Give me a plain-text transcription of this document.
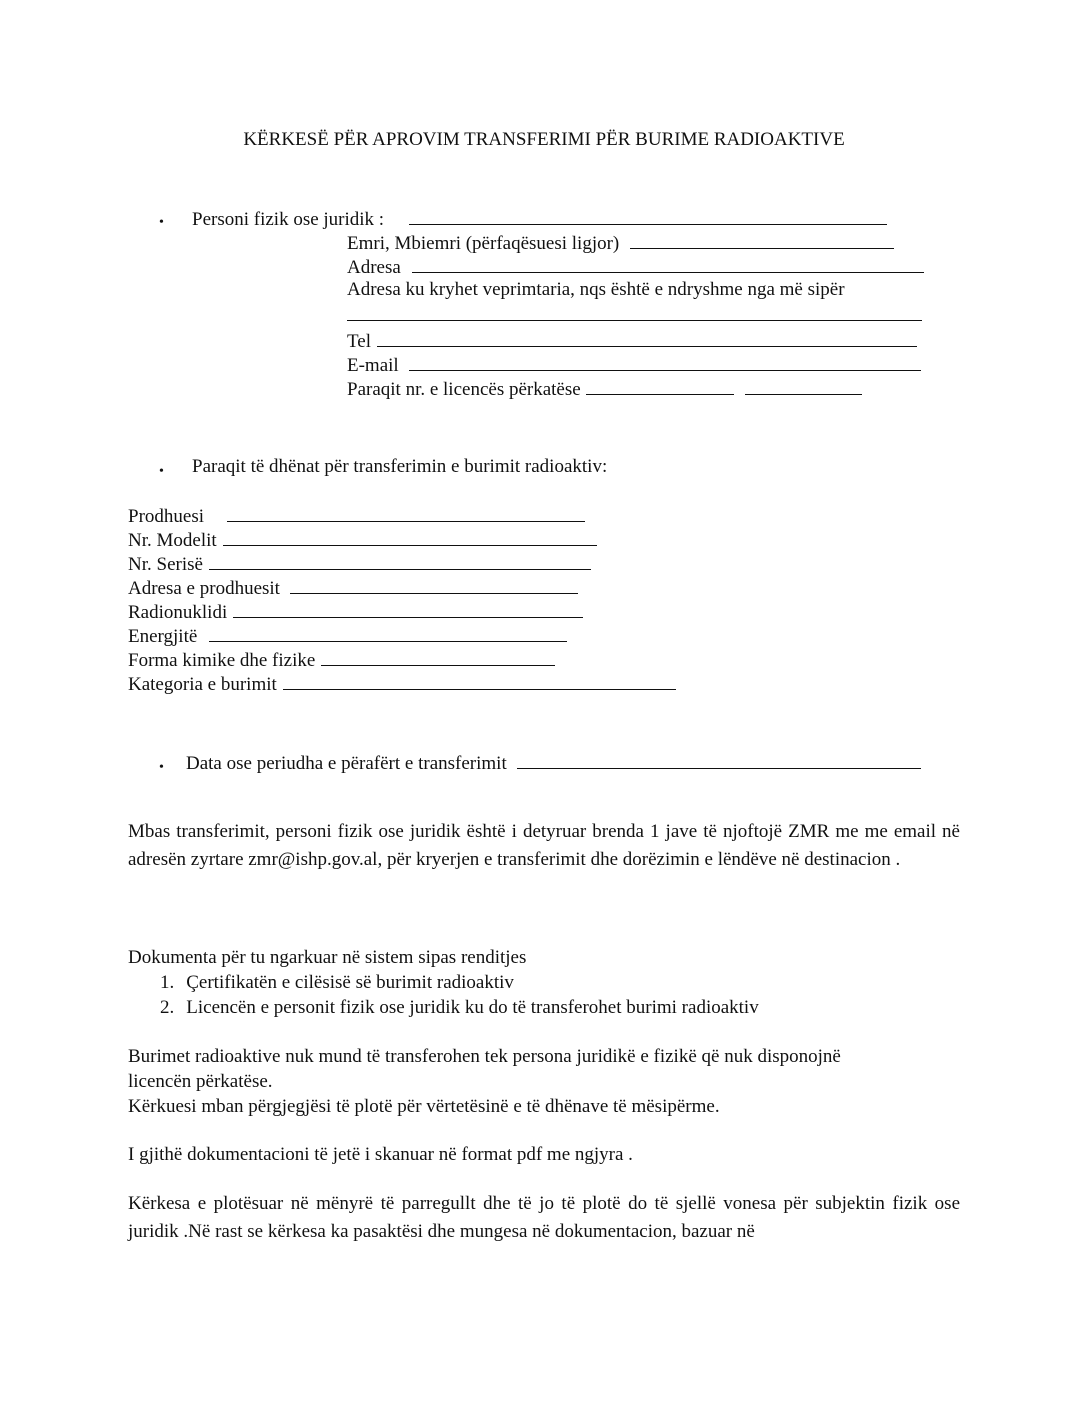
KËRKESË PËR APROVIM TRANSFERIMI PËR BURIME RADIOAKTIVE
• Personi fizik ose juridik :
Emri, Mbiemri (përfaqësuesi ligjor)
Adresa
Adresa ku kryhet veprimtaria, nqs është e ndryshme nga më sipër
Tel
E-mail
Paraqit nr. e licencës përkatëse
• Paraqit të dhënat për transferimin e burimit radioaktiv:
Prodhuesi
Nr. Modelit
Nr. Serisë
Adresa e prodhuesit
Radionuklidi
Energjitë
Forma kimike dhe fizike
Kategoria e burimit
• Data ose periudha e përafërt e transferimit
Mbas transferimit, personi fizik ose juridik është i detyruar brenda 1 jave të njoftojë ZMR me me email në adresën zyrtare zmr@ishp.gov.al, për kryerjen e transferimit dhe dorëzimin e lëndëve në destinacion .
Dokumenta për tu ngarkuar në sistem sipas renditjes
1. Çertifikatën e cilësisë së burimit radioaktiv
2. Licencën e personit fizik ose juridik ku do të transferohet burimi radioaktiv
Burimet radioaktive nuk mund të transferohen tek persona juridikë e fizikë që nuk disponojnë
licencën përkatëse.
Kërkuesi mban përgjegjësi të plotë për vërtetësinë e të dhënave të mësipërme.
I gjithë dokumentacioni të jetë i skanuar në format pdf me ngjyra .
Kërkesa e plotësuar në mënyrë të parregullt dhe të jo të plotë do të sjellë vonesa për subjektin fizik ose juridik .Në rast se kërkesa ka pasaktësi dhe mungesa në dokumentacion, bazuar në
